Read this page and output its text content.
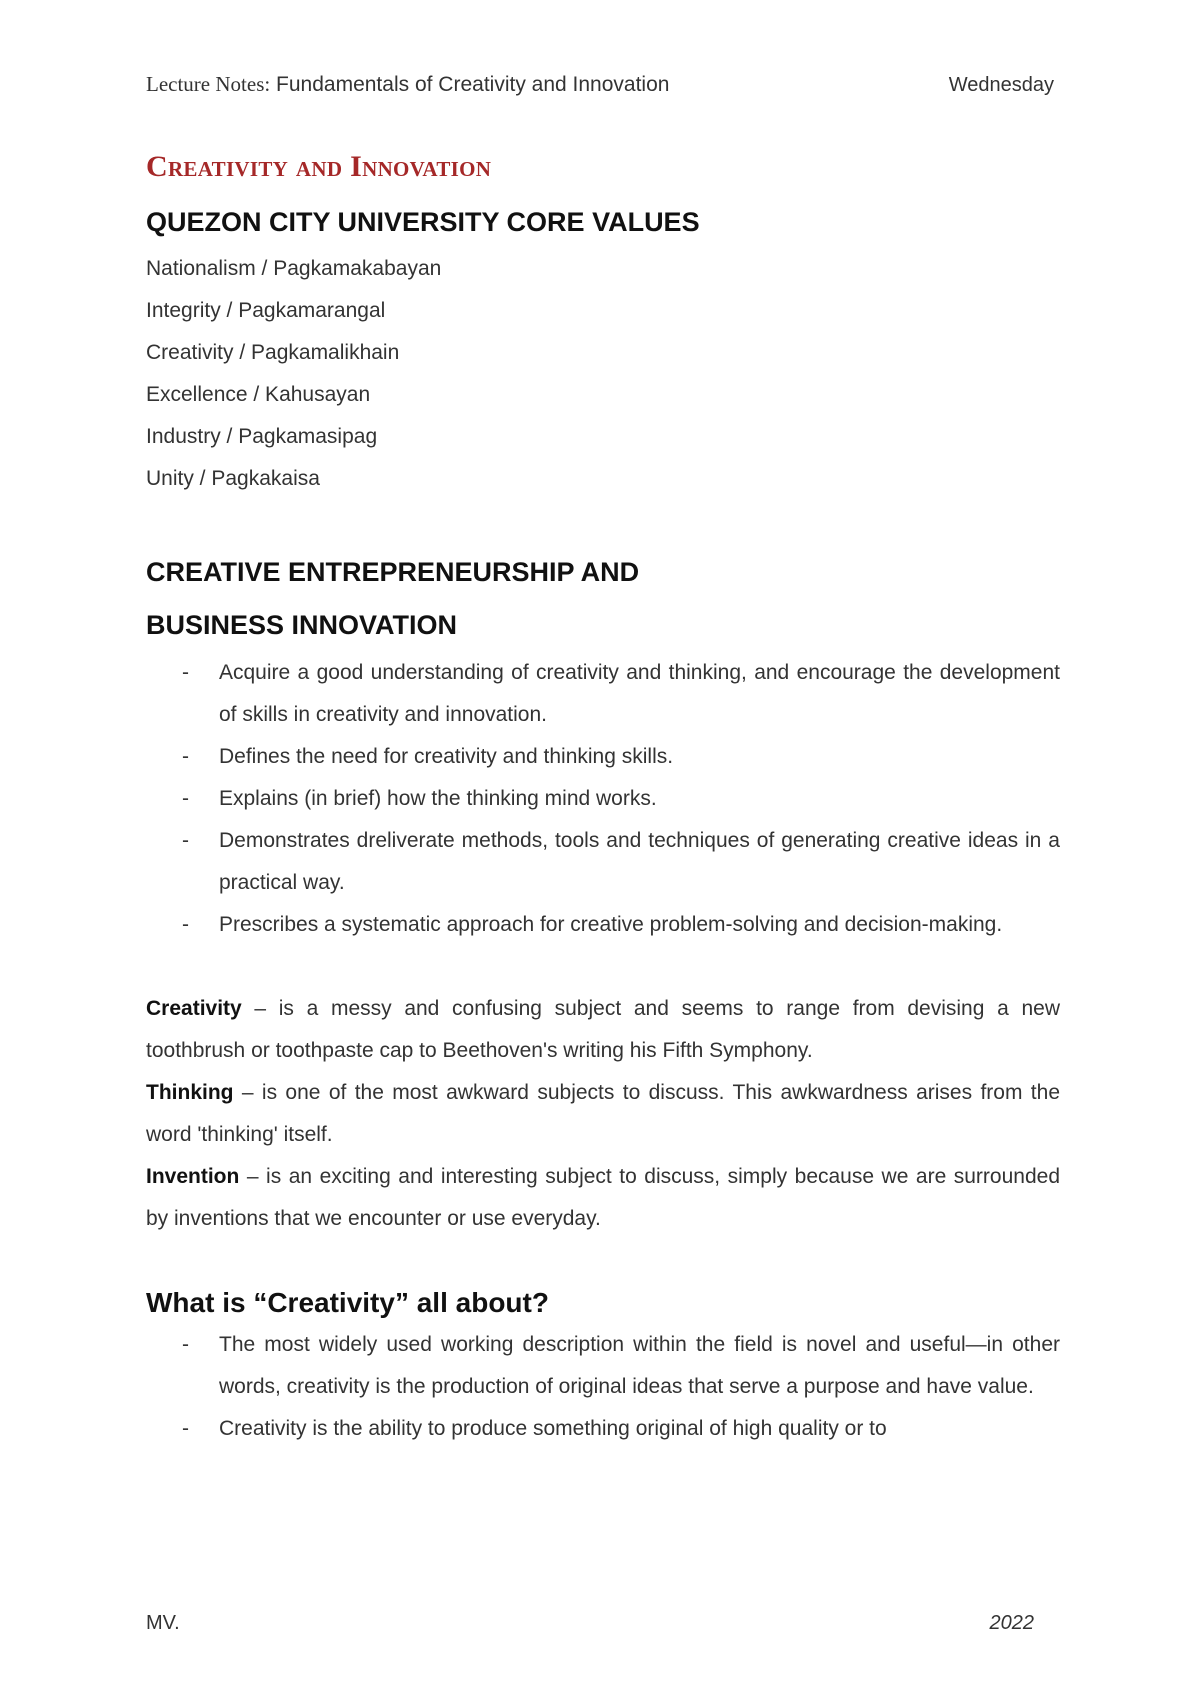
Lecture Notes: Fundamentals of Creativity and Innovation	Wednesday
Creativity and Innovation
QUEZON CITY UNIVERSITY CORE VALUES
Nationalism / Pagkamakabayan
Integrity / Pagkamarangal
Creativity / Pagkamalikhain
Excellence / Kahusayan
Industry / Pagkamasipag
Unity / Pagkakaisa
CREATIVE ENTREPRENEURSHIP AND
BUSINESS INNOVATION
- Acquire a good understanding of creativity and thinking, and encourage the development of skills in creativity and innovation.
- Defines the need for creativity and thinking skills.
- Explains (in brief) how the thinking mind works.
- Demonstrates dreliverate methods, tools and techniques of generating creative ideas in a practical way.
- Prescribes a systematic approach for creative problem-solving and decision-making.

Creativity – is a messy and confusing subject and seems to range from devising a new toothbrush or toothpaste cap to Beethoven's writing his Fifth Symphony.

Thinking – is one of the most awkward subjects to discuss. This awkwardness arises from the word 'thinking' itself.

Invention – is an exciting and interesting subject to discuss, simply because we are surrounded by inventions that we encounter or use everyday.

What is “Creativity” all about?
- The most widely used working description within the field is novel and useful—in other words, creativity is the production of original ideas that serve a purpose and have value.
- Creativity is the ability to produce something original of high quality or to
MV.	2022
